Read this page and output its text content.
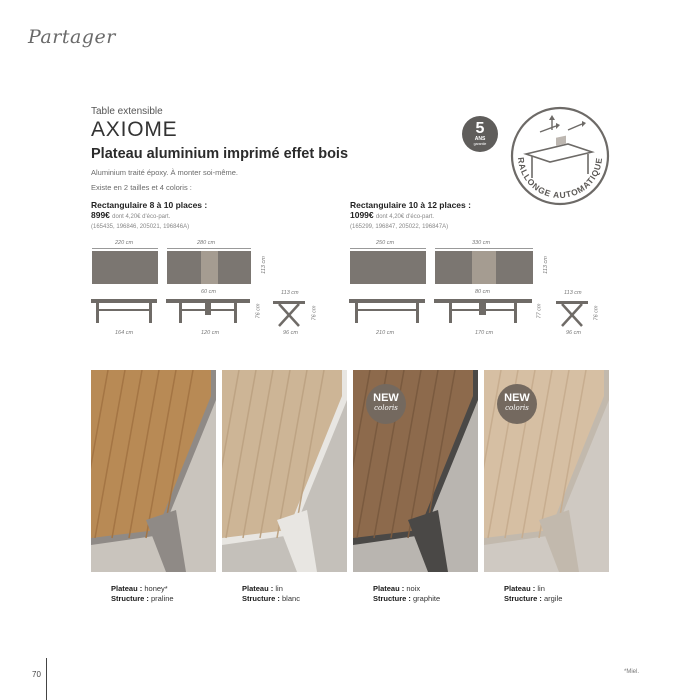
Partager
Table extensible
AXIOME
Plateau aluminium imprimé effet bois
Aluminium traité époxy. À monter soi-même.
Existe en 2 tailles et 4 coloris :
Rectangulaire 8 à 10 places :
899€ dont 4,20€ d'éco-part.
(165435, 196846, 205021, 196846A)
Rectangulaire 10 à 12 places :
1099€ dont 4,20€ d'éco-part.
(165299, 196847, 205022, 196847A)
5
ANS
garantie
RALLONGE AUTOMATIQUE
220 cm	280 cm
60 cm
113 cm
164 cm	120 cm
76 cm
113 cm
96 cm
76 cm
250 cm	330 cm
80 cm
113 cm
210 cm	170 cm
77 cm
113 cm
96 cm
76 cm
NEW
coloris
NEW
coloris
Plateau : honey*
Structure : praline
Plateau : lin
Structure : blanc
Plateau : noix
Structure : graphite
Plateau : lin
Structure : argile
70	*Miel.
